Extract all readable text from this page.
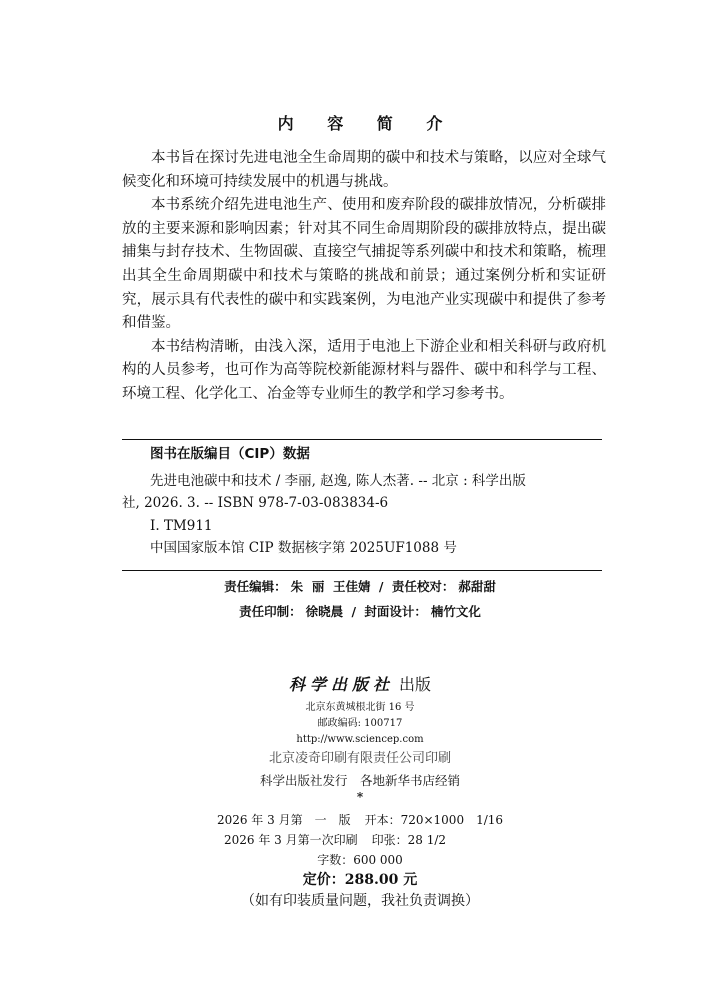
内 容 简 介

本书旨在探讨先进电池全生命周期的碳中和技术与策略，以应对全球气候变化和环境可持续发展中的机遇与挑战。

本书系统介绍先进电池生产、使用和废弃阶段的碳排放情况，分析碳排放的主要来源和影响因素；针对其不同生命周期阶段的碳排放特点，提出碳捕集与封存技术、生物固碳、直接空气捕捉等系列碳中和技术和策略，梳理出其全生命周期碳中和技术与策略的挑战和前景；通过案例分析和实证研究，展示具有代表性的碳中和实践案例，为电池产业实现碳中和提供了参考和借鉴。

本书结构清晰，由浅入深，适用于电池上下游企业和相关科研与政府机构的人员参考，也可作为高等院校新能源材料与器件、碳中和科学与工程、环境工程、化学化工、冶金等专业师生的教学和学习参考书。

图书在版编目（CIP）数据
先进电池碳中和技术 / 李丽, 赵逸, 陈人杰著. -- 北京 : 科学出版
社, 2026. 3. -- ISBN 978-7-03-083834-6
Ⅰ. TM911
中国国家版本馆 CIP 数据核字第 2025UF1088 号
责任编辑： 朱  丽  王佳婧 / 责任校对： 郝甜甜
责任印制： 徐晓晨 / 封面设计： 楠竹文化
科学出版社 出版
北京东黄城根北街 16 号
邮政编码: 100717
http://www.sciencep.com
北京凌奇印刷有限责任公司印刷
科学出版社发行　各地新华书店经销
*
2026 年 3 月第　一　版 开本：720×1000　1/16
2026 年 3 月第一次印刷 印张：28 1/2
字数：600 000
定价：288.00 元
（如有印装质量问题，我社负责调换）
